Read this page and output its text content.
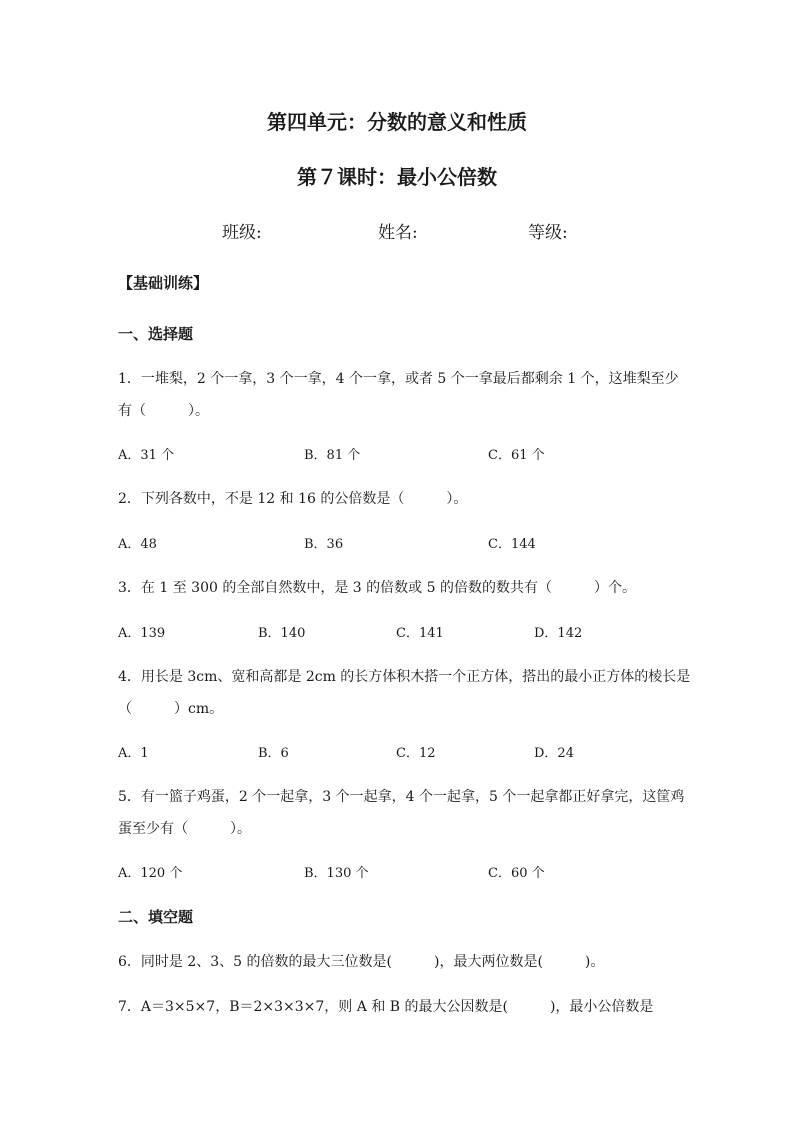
第四单元：分数的意义和性质
第７课时：最小公倍数
班级:	姓名:	等级:
【基础训练】
一、选择题
1．一堆梨，2 个一拿，3 个一拿，4 个一拿，或者 5 个一拿最后都剩余 1 个，这堆梨至少
有（　　　）。
A．31 个	B．81 个	C．61 个
2．下列各数中，不是 12 和 16 的公倍数是（　　　）。
A．48	B．36	C．144
3．在 1 至 300 的全部自然数中，是 3 的倍数或 5 的倍数的数共有（　　　）个。
A．139	B．140	C．141	D．142
4．用长是 3cm、宽和高都是 2cm 的长方体积木搭一个正方体，搭出的最小正方体的棱长是
（　　　）cm。
A．1	B．6	C．12	D．24
5．有一篮子鸡蛋，2 个一起拿，3 个一起拿，4 个一起拿，5 个一起拿都正好拿完，这筐鸡
蛋至少有（　　　）。
A．120 个	B．130 个	C．60 个
二、填空题
6．同时是 2、3、5 的倍数的最大三位数是(　　　)，最大两位数是(　　　)。
7．A＝3×5×7，B＝2×3×3×7，则 A 和 B 的最大公因数是(　　　)，最小公倍数是
